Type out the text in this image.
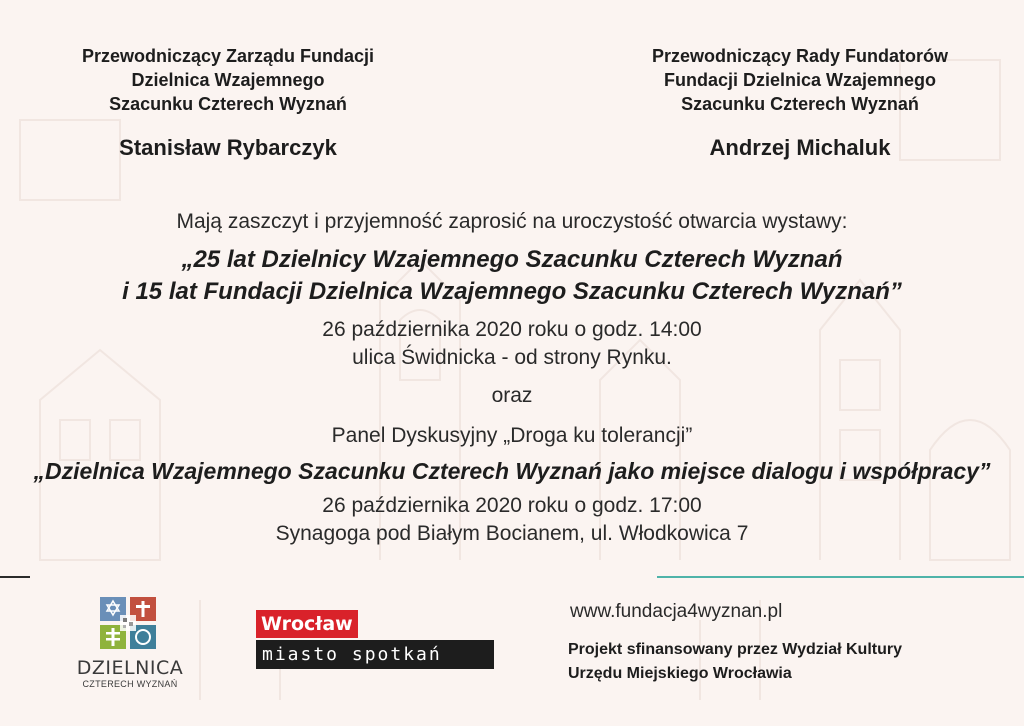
Przewodniczący Zarządu Fundacji
Dzielnica Wzajemnego
Szacunku Czterech Wyznań
Stanisław Rybarczyk
Przewodniczący Rady Fundatorów
Fundacji Dzielnica Wzajemnego
Szacunku Czterech Wyznań
Andrzej Michaluk
Mają zaszczyt i przyjemność zaprosić na uroczystość otwarcia wystawy:
„25 lat Dzielnicy Wzajemnego Szacunku Czterech Wyznań
i 15 lat Fundacji Dzielnica Wzajemnego Szacunku Czterech Wyznań”
26 października 2020 roku o godz. 14:00
ulica Świdnicka - od strony Rynku.
oraz
Panel Dyskusyjny „Droga ku tolerancji”
„Dzielnica Wzajemnego Szacunku Czterech Wyznań jako miejsce dialogu i współpracy”
26 października 2020 roku o godz. 17:00
Synagoga pod Białym Bocianem, ul. Włodkowica 7
DZIELNICA
CZTERECH WYZNAŃ
Wrocław
miasto spotkań
www.fundacja4wyznan.pl
Projekt sfinansowany przez Wydział Kultury
Urzędu Miejskiego Wrocławia
